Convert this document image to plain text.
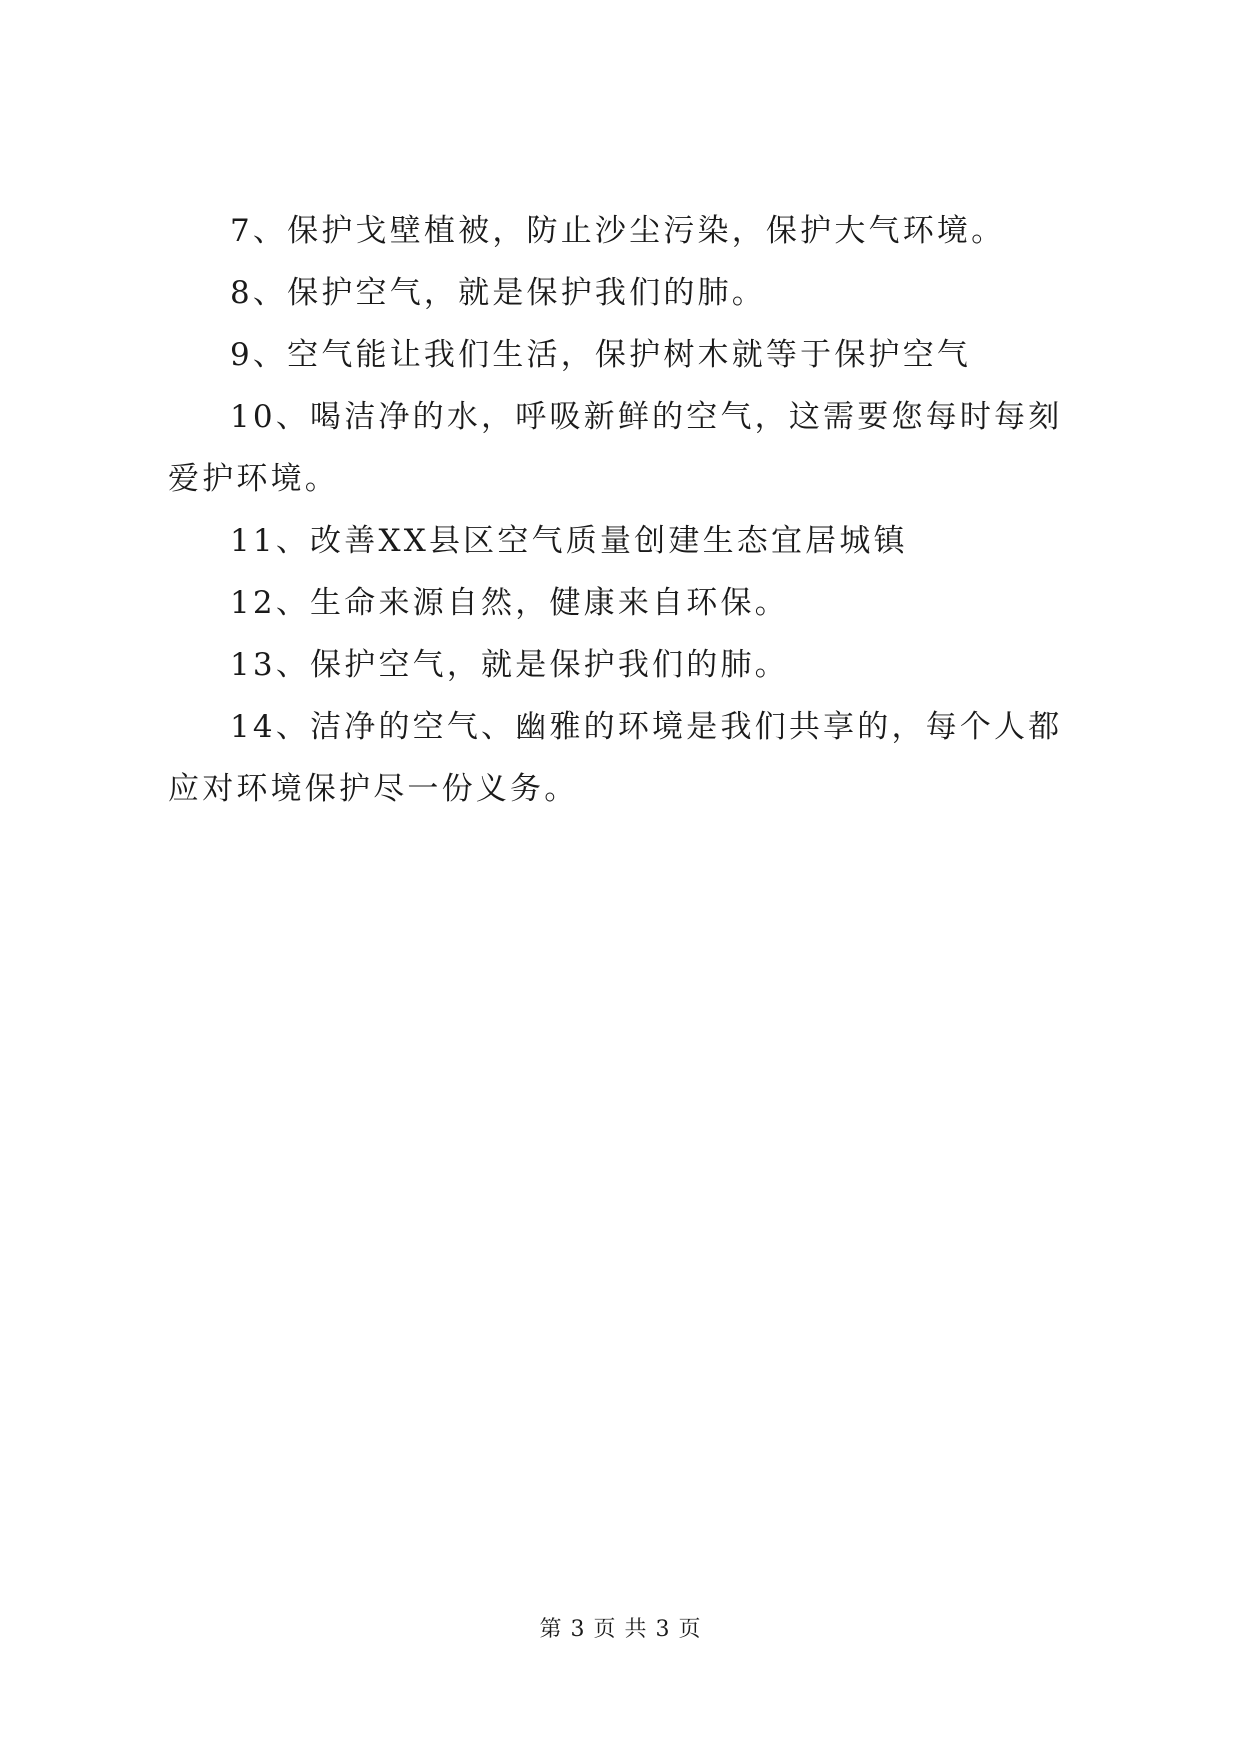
7、保护戈壁植被，防止沙尘污染，保护大气环境。

8、保护空气，就是保护我们的肺。

9、空气能让我们生活，保护树木就等于保护空气

10、喝洁净的水，呼吸新鲜的空气，这需要您每时每刻爱护环境。

11、改善XX县区空气质量创建生态宜居城镇

12、生命来源自然，健康来自环保。

13、保护空气，就是保护我们的肺。

14、洁净的空气、幽雅的环境是我们共享的，每个人都应对环境保护尽一份义务。

第 3 页 共 3 页
